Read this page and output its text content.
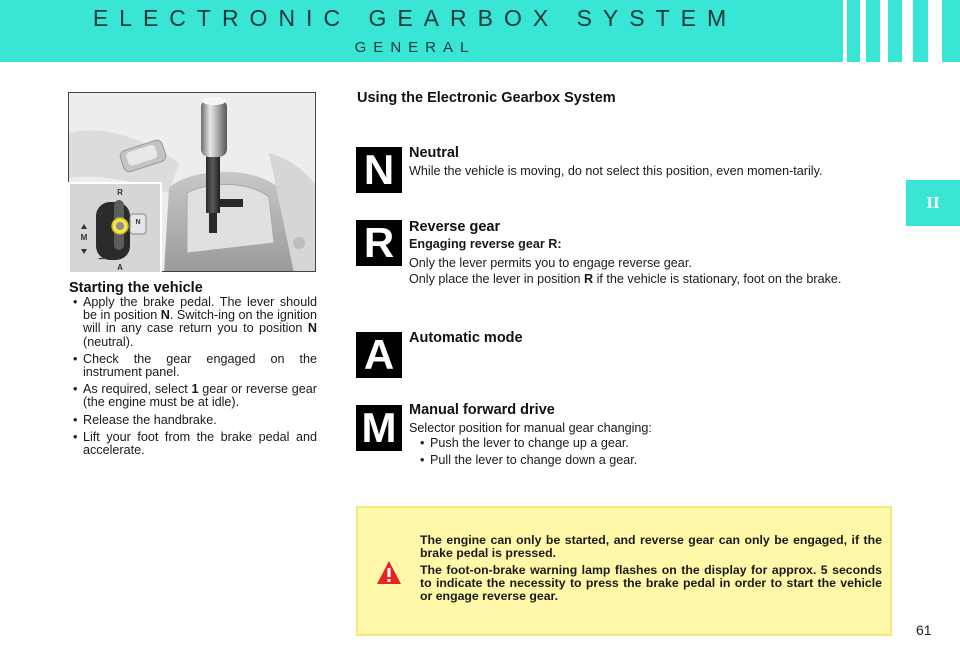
ELECTRONIC GEARBOX SYSTEM
GENERAL
II
R
+
M
N
A
−
Starting the vehicle
• Apply the brake pedal. The lever should be in position N. Switch-ing on the ignition will in any case return you to position N (neutral).
• Check the gear engaged on the instrument panel.
• As required, select 1 gear or reverse gear (the engine must be at idle).
• Release the handbrake.
• Lift your foot from the brake pedal and accelerate.
Using the Electronic Gearbox System
N	Neutral
While the vehicle is moving, do not select this position, even momen-tarily.
R	Reverse gear
Engaging reverse gear R:
Only the lever permits you to engage reverse gear.
Only place the lever in position R if the vehicle is stationary, foot on the brake.
A	Automatic mode
M Manual forward drive
Selector position for manual gear changing:
• Push the lever to change up a gear.
• Pull the lever to change down a gear.

The engine can only be started, and reverse gear can only be engaged, if the brake pedal is pressed.

The foot-on-brake warning lamp flashes on the display for approx. 5 seconds to indicate the necessity to press the brake pedal in order to start the vehicle or engage reverse gear.

61
